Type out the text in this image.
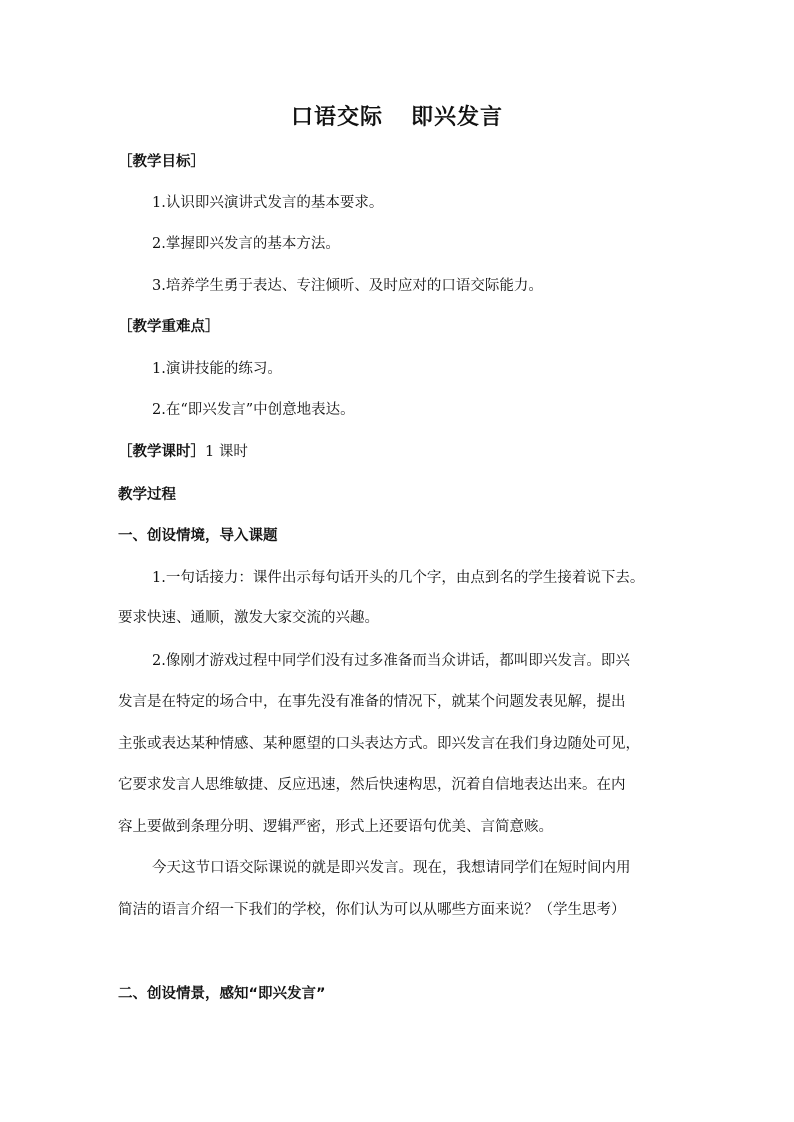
口语交际 即兴发言
［教学目标］
1.认识即兴演讲式发言的基本要求。
2.掌握即兴发言的基本方法。
3.培养学生勇于表达、专注倾听、及时应对的口语交际能力。
［教学重难点］
1.演讲技能的练习。
2.在“即兴发言”中创意地表达。
［教学课时］1 课时
教学过程
一、创设情境，导入课题
1.一句话接力：课件出示每句话开头的几个字，由点到名的学生接着说下去。
要求快速、通顺，激发大家交流的兴趣。
2.像刚才游戏过程中同学们没有过多准备而当众讲话，都叫即兴发言。即兴
发言是在特定的场合中，在事先没有准备的情况下，就某个问题发表见解，提出
主张或表达某种情感、某种愿望的口头表达方式。即兴发言在我们身边随处可见，
它要求发言人思维敏捷、反应迅速，然后快速构思，沉着自信地表达出来。在内
容上要做到条理分明、逻辑严密，形式上还要语句优美、言简意赅。
今天这节口语交际课说的就是即兴发言。现在，我想请同学们在短时间内用
简洁的语言介绍一下我们的学校，你们认为可以从哪些方面来说？（学生思考）
二、创设情景，感知“即兴发言”
